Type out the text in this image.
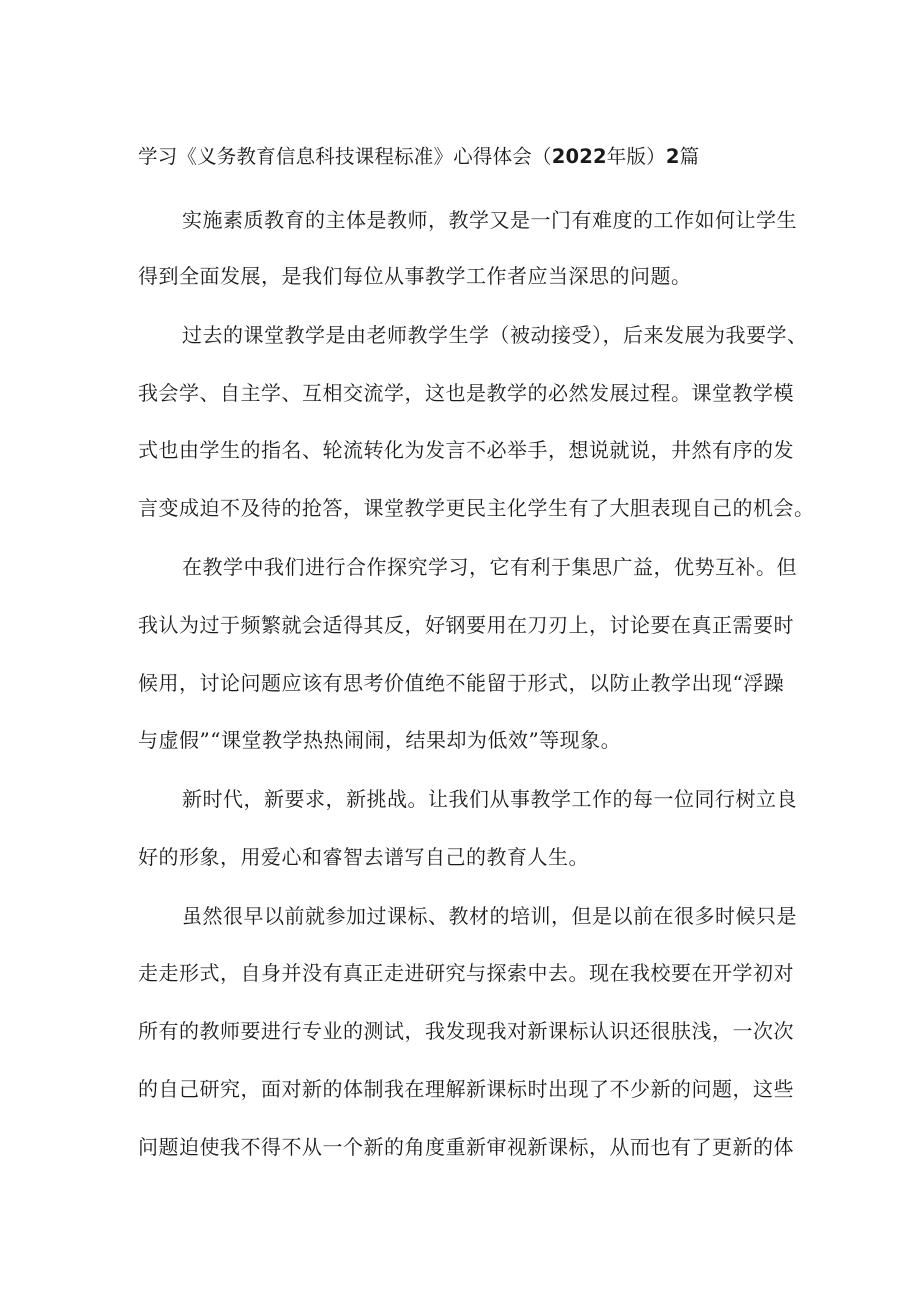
学习《义务教育信息科技课程标准》心得体会（2022年版）2篇
实施素质教育的主体是教师，教学又是一门有难度的工作如何让学生
得到全面发展，是我们每位从事教学工作者应当深思的问题。
过去的课堂教学是由老师教学生学（被动接受），后来发展为我要学、
我会学、自主学、互相交流学，这也是教学的必然发展过程。课堂教学模
式也由学生的指名、轮流转化为发言不必举手，想说就说，井然有序的发
言变成迫不及待的抢答，课堂教学更民主化学生有了大胆表现自己的机会。
在教学中我们进行合作探究学习，它有利于集思广益，优势互补。但
我认为过于频繁就会适得其反，好钢要用在刀刃上，讨论要在真正需要时
候用，讨论问题应该有思考价值绝不能留于形式，以防止教学出现“浮躁
与虚假”“课堂教学热热闹闹，结果却为低效”等现象。
新时代，新要求，新挑战。让我们从事教学工作的每一位同行树立良
好的形象，用爱心和睿智去谱写自己的教育人生。
虽然很早以前就参加过课标、教材的培训，但是以前在很多时候只是
走走形式，自身并没有真正走进研究与探索中去。现在我校要在开学初对
所有的教师要进行专业的测试，我发现我对新课标认识还很肤浅，一次次
的自己研究，面对新的体制我在理解新课标时出现了不少新的问题，这些
问题迫使我不得不从一个新的角度重新审视新课标，从而也有了更新的体
